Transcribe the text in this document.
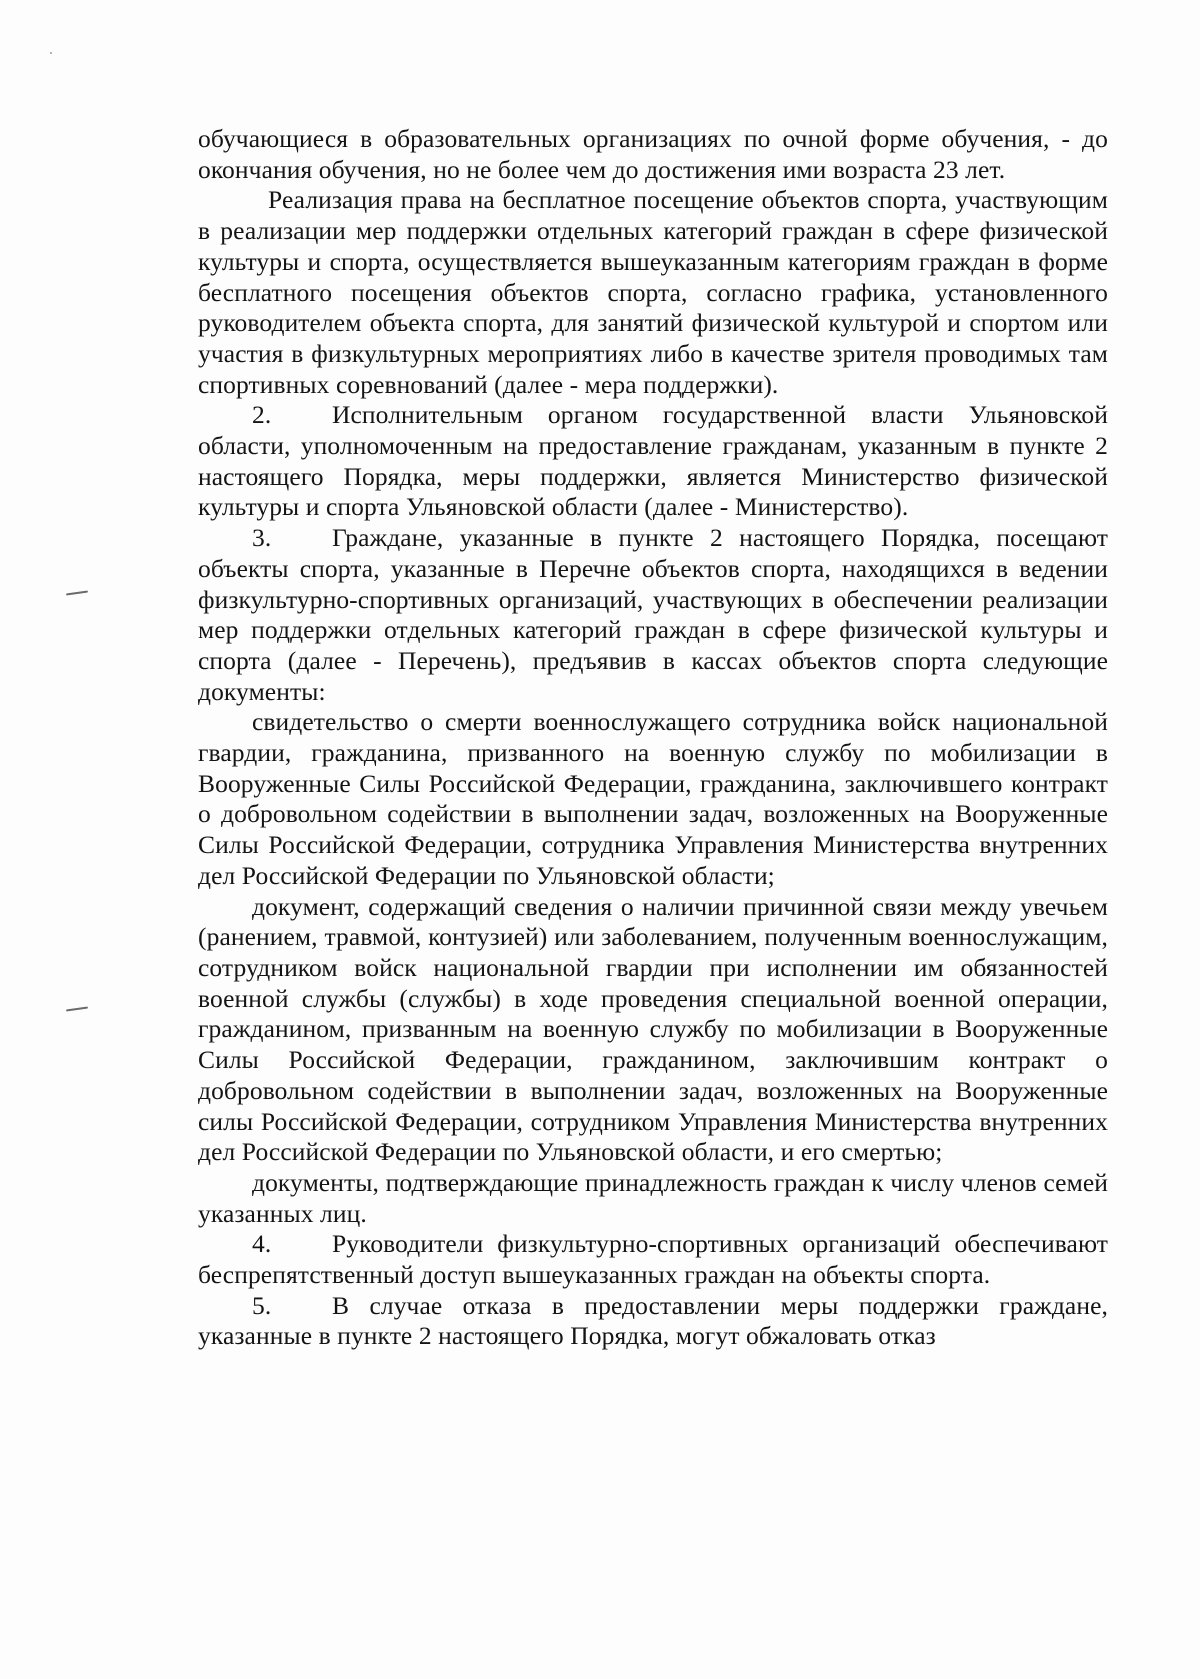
обучающиеся в образовательных организациях по очной форме обучения, - до окончания обучения, но не более чем до достижения ими возраста 23 лет.

Реализация права на бесплатное посещение объектов спорта, участвующим в реализации мер поддержки отдельных категорий граждан в сфере физической культуры и спорта, осуществляется вышеуказанным категориям граждан в форме бесплатного посещения объектов спорта, согласно графика, установленного руководителем объекта спорта, для занятий физической культурой и спортом или участия в физкультурных мероприятиях либо в качестве зрителя проводимых там спортивных соревнований (далее - мера поддержки).

2. Исполнительным органом государственной власти Ульяновской области, уполномоченным на предоставление гражданам, указанным в пункте 2 настоящего Порядка, меры поддержки, является Министерство физической культуры и спорта Ульяновской области (далее - Министерство).

3. Граждане, указанные в пункте 2 настоящего Порядка, посещают объекты спорта, указанные в Перечне объектов спорта, находящихся в ведении физкультурно-спортивных организаций, участвующих в обеспечении реализации мер поддержки отдельных категорий граждан в сфере физической культуры и спорта (далее - Перечень), предъявив в кассах объектов спорта следующие документы:

свидетельство о смерти военнослужащего сотрудника войск национальной гвардии, гражданина, призванного на военную службу по мобилизации в Вооруженные Силы Российской Федерации, гражданина, заключившего контракт о добровольном содействии в выполнении задач, возложенных на Вооруженные Силы Российской Федерации, сотрудника Управления Министерства внутренних дел Российской Федерации по Ульяновской области;

документ, содержащий сведения о наличии причинной связи между увечьем (ранением, травмой, контузией) или заболеванием, полученным военнослужащим, сотрудником войск национальной гвардии при исполнении им обязанностей военной службы (службы) в ходе проведения специальной военной операции, гражданином, призванным на военную службу по мобилизации в Вооруженные Силы Российской Федерации, гражданином, заключившим контракт о добровольном содействии в выполнении задач, возложенных на Вооруженные силы Российской Федерации, сотрудником Управления Министерства внутренних дел Российской Федерации по Ульяновской области, и его смертью;

документы, подтверждающие принадлежность граждан к числу членов семей указанных лиц.

4. Руководители физкультурно-спортивных организаций обеспечивают беспрепятственный доступ вышеуказанных граждан на объекты спорта.

5. В случае отказа в предоставлении меры поддержки граждане, указанные в пункте 2 настоящего Порядка, могут обжаловать отказ
